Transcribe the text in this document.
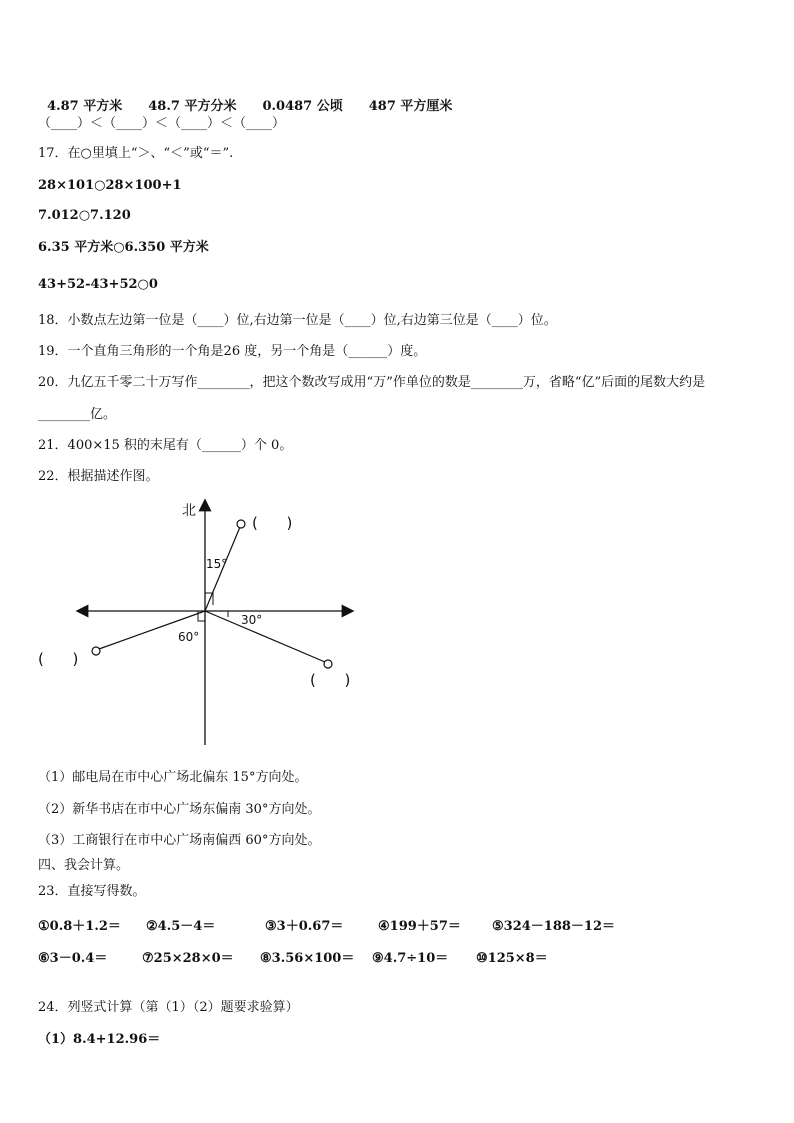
4.87 平方米 48.7 平方分米 0.0487 公顷 487 平方厘米

（____）＜（____）＜（____）＜（____）
17．在○里填上“＞、“＜”或“＝”.
28×101○28×100+1
7.012○7.120
6.35 平方米○6.350 平方米
43+52-43+52○0
18．小数点左边第一位是（____）位,右边第一位是（____）位,右边第三位是（____）位。
19．一个直角三角形的一个角是26 度，另一个角是（______）度。
20．九亿五千零二十万写作________，把这个数改写成用“万”作单位的数是________万，省略“亿”后面的尾数大约是
________亿。
21．400×15 积的末尾有（______）个 0。
22．根据描述作图。
北
15°
30°
60°
(      )
(      )
(      )
（1）邮电局在市中心广场北偏东 15°方向处。
（2）新华书店在市中心广场东偏南 30°方向处。
（3）工商银行在市中心广场南偏西 60°方向处。
四、我会计算。
23．直接写得数。
①0.8＋1.2＝ ②4.5－4＝	③3＋0.67＝	④199＋57＝ ⑤324－188－12＝
⑥3－0.4＝	⑦25×28×0＝ ⑧3.56×100＝ ⑨4.7÷10＝ ⑩125×8＝
24．列竖式计算（第（1）（2）题要求验算）
（1）8.4+12.96＝
